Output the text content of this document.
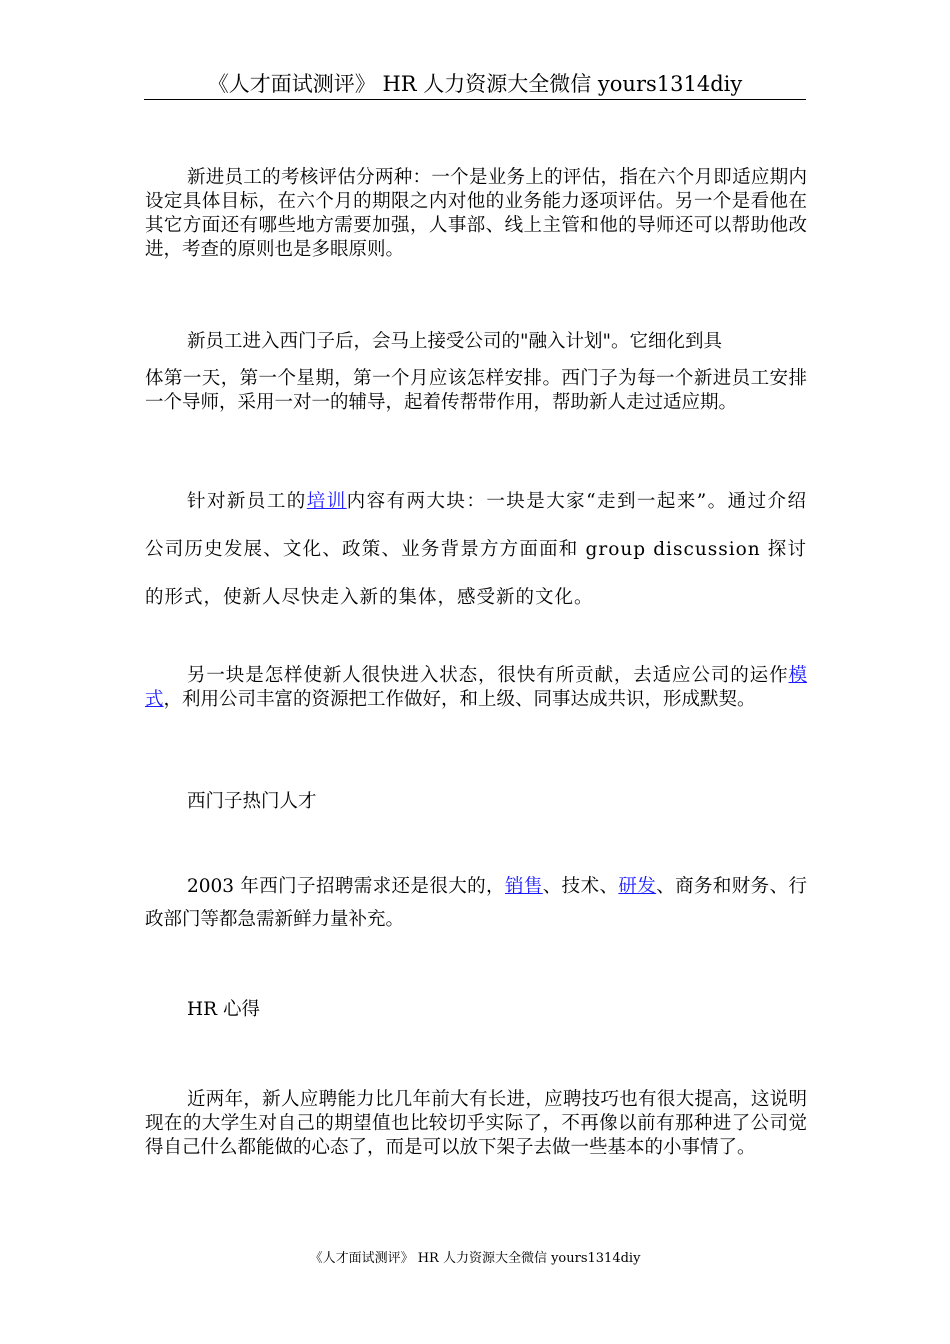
《人才面试测评》 HR 人力资源大全微信 yours1314diy

新进员工的考核评估分两种：一个是业务上的评估，指在六个月即适应期内设定具体目标，在六个月的期限之内对他的业务能力逐项评估。另一个是看他在其它方面还有哪些地方需要加强，人事部、线上主管和他的导师还可以帮助他改进，考查的原则也是多眼原则。

新员工进入西门子后，会马上接受公司的"融入计划"。它细化到具

体第一天，第一个星期，第一个月应该怎样安排。西门子为每一个新进员工安排一个导师，采用一对一的辅导，起着传帮带作用，帮助新人走过适应期。

针对新员工的培训内容有两大块：一块是大家“走到一起来”。通过介绍公司历史发展、文化、政策、业务背景方方面面和 group discussion 探讨的形式，使新人尽快走入新的集体，感受新的文化。

另一块是怎样使新人很快进入状态，很快有所贡献，去适应公司的运作模式，利用公司丰富的资源把工作做好，和上级、同事达成共识，形成默契。

西门子热门人才

2003 年西门子招聘需求还是很大的，销售、技术、研发、商务和财务、行政部门等都急需新鲜力量补充。

HR 心得

近两年，新人应聘能力比几年前大有长进，应聘技巧也有很大提高，这说明现在的大学生对自己的期望值也比较切乎实际了，不再像以前有那种进了公司觉得自己什么都能做的心态了，而是可以放下架子去做一些基本的小事情了。

《人才面试测评》 HR 人力资源大全微信 yours1314diy
